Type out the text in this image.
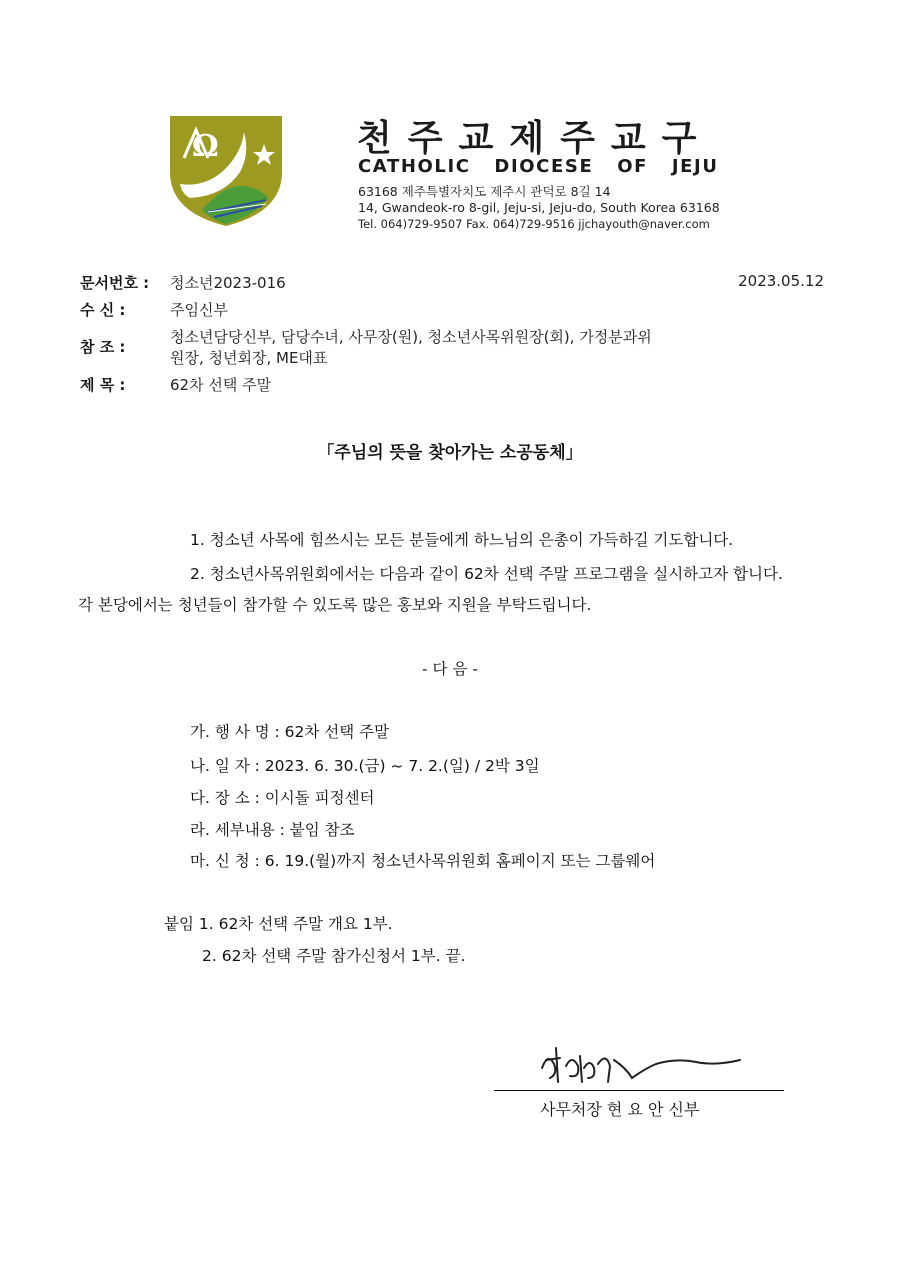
Ω	천주교제주교구
CATHOLIC DIOCESE OF JEJU
63168 제주특별자치도 제주시 관덕로 8길 14
14, Gwandeok-ro 8-gil, Jeju-si, Jeju-do, South Korea 63168
Tel. 064)729-9507 Fax. 064)729-9516 jjchayouth@naver.com
문서번호 : 청소년2023-016	2023.05.12
수 신 :	주임신부
참 조 :
청소년담당신부, 담당수녀, 사무장(원), 청소년사목위원장(회), 가정분과위
원장, 청년회장, ME대표
제 목 :	62차 선택 주말
「주님의 뜻을 찾아가는 소공동체」
1. 청소년 사목에 힘쓰시는 모든 분들에게 하느님의 은총이 가득하길 기도합니다.
2. 청소년사목위원회에서는 다음과 같이 62차 선택 주말 프로그램을 실시하고자 합니다.
각 본당에서는 청년들이 참가할 수 있도록 많은 홍보와 지원을 부탁드립니다.
- 다 음 -
가. 행 사 명 : 62차 선택 주말
나. 일 자 : 2023. 6. 30.(금) ~ 7. 2.(일) / 2박 3일
다. 장 소 : 이시돌 피정센터
라. 세부내용 : 붙임 참조
마. 신 청 : 6. 19.(월)까지 청소년사목위원회 홈페이지 또는 그룹웨어
붙임 1. 62차 선택 주말 개요 1부.
2. 62차 선택 주말 참가신청서 1부. 끝.
사무처장 현 요 안 신부
